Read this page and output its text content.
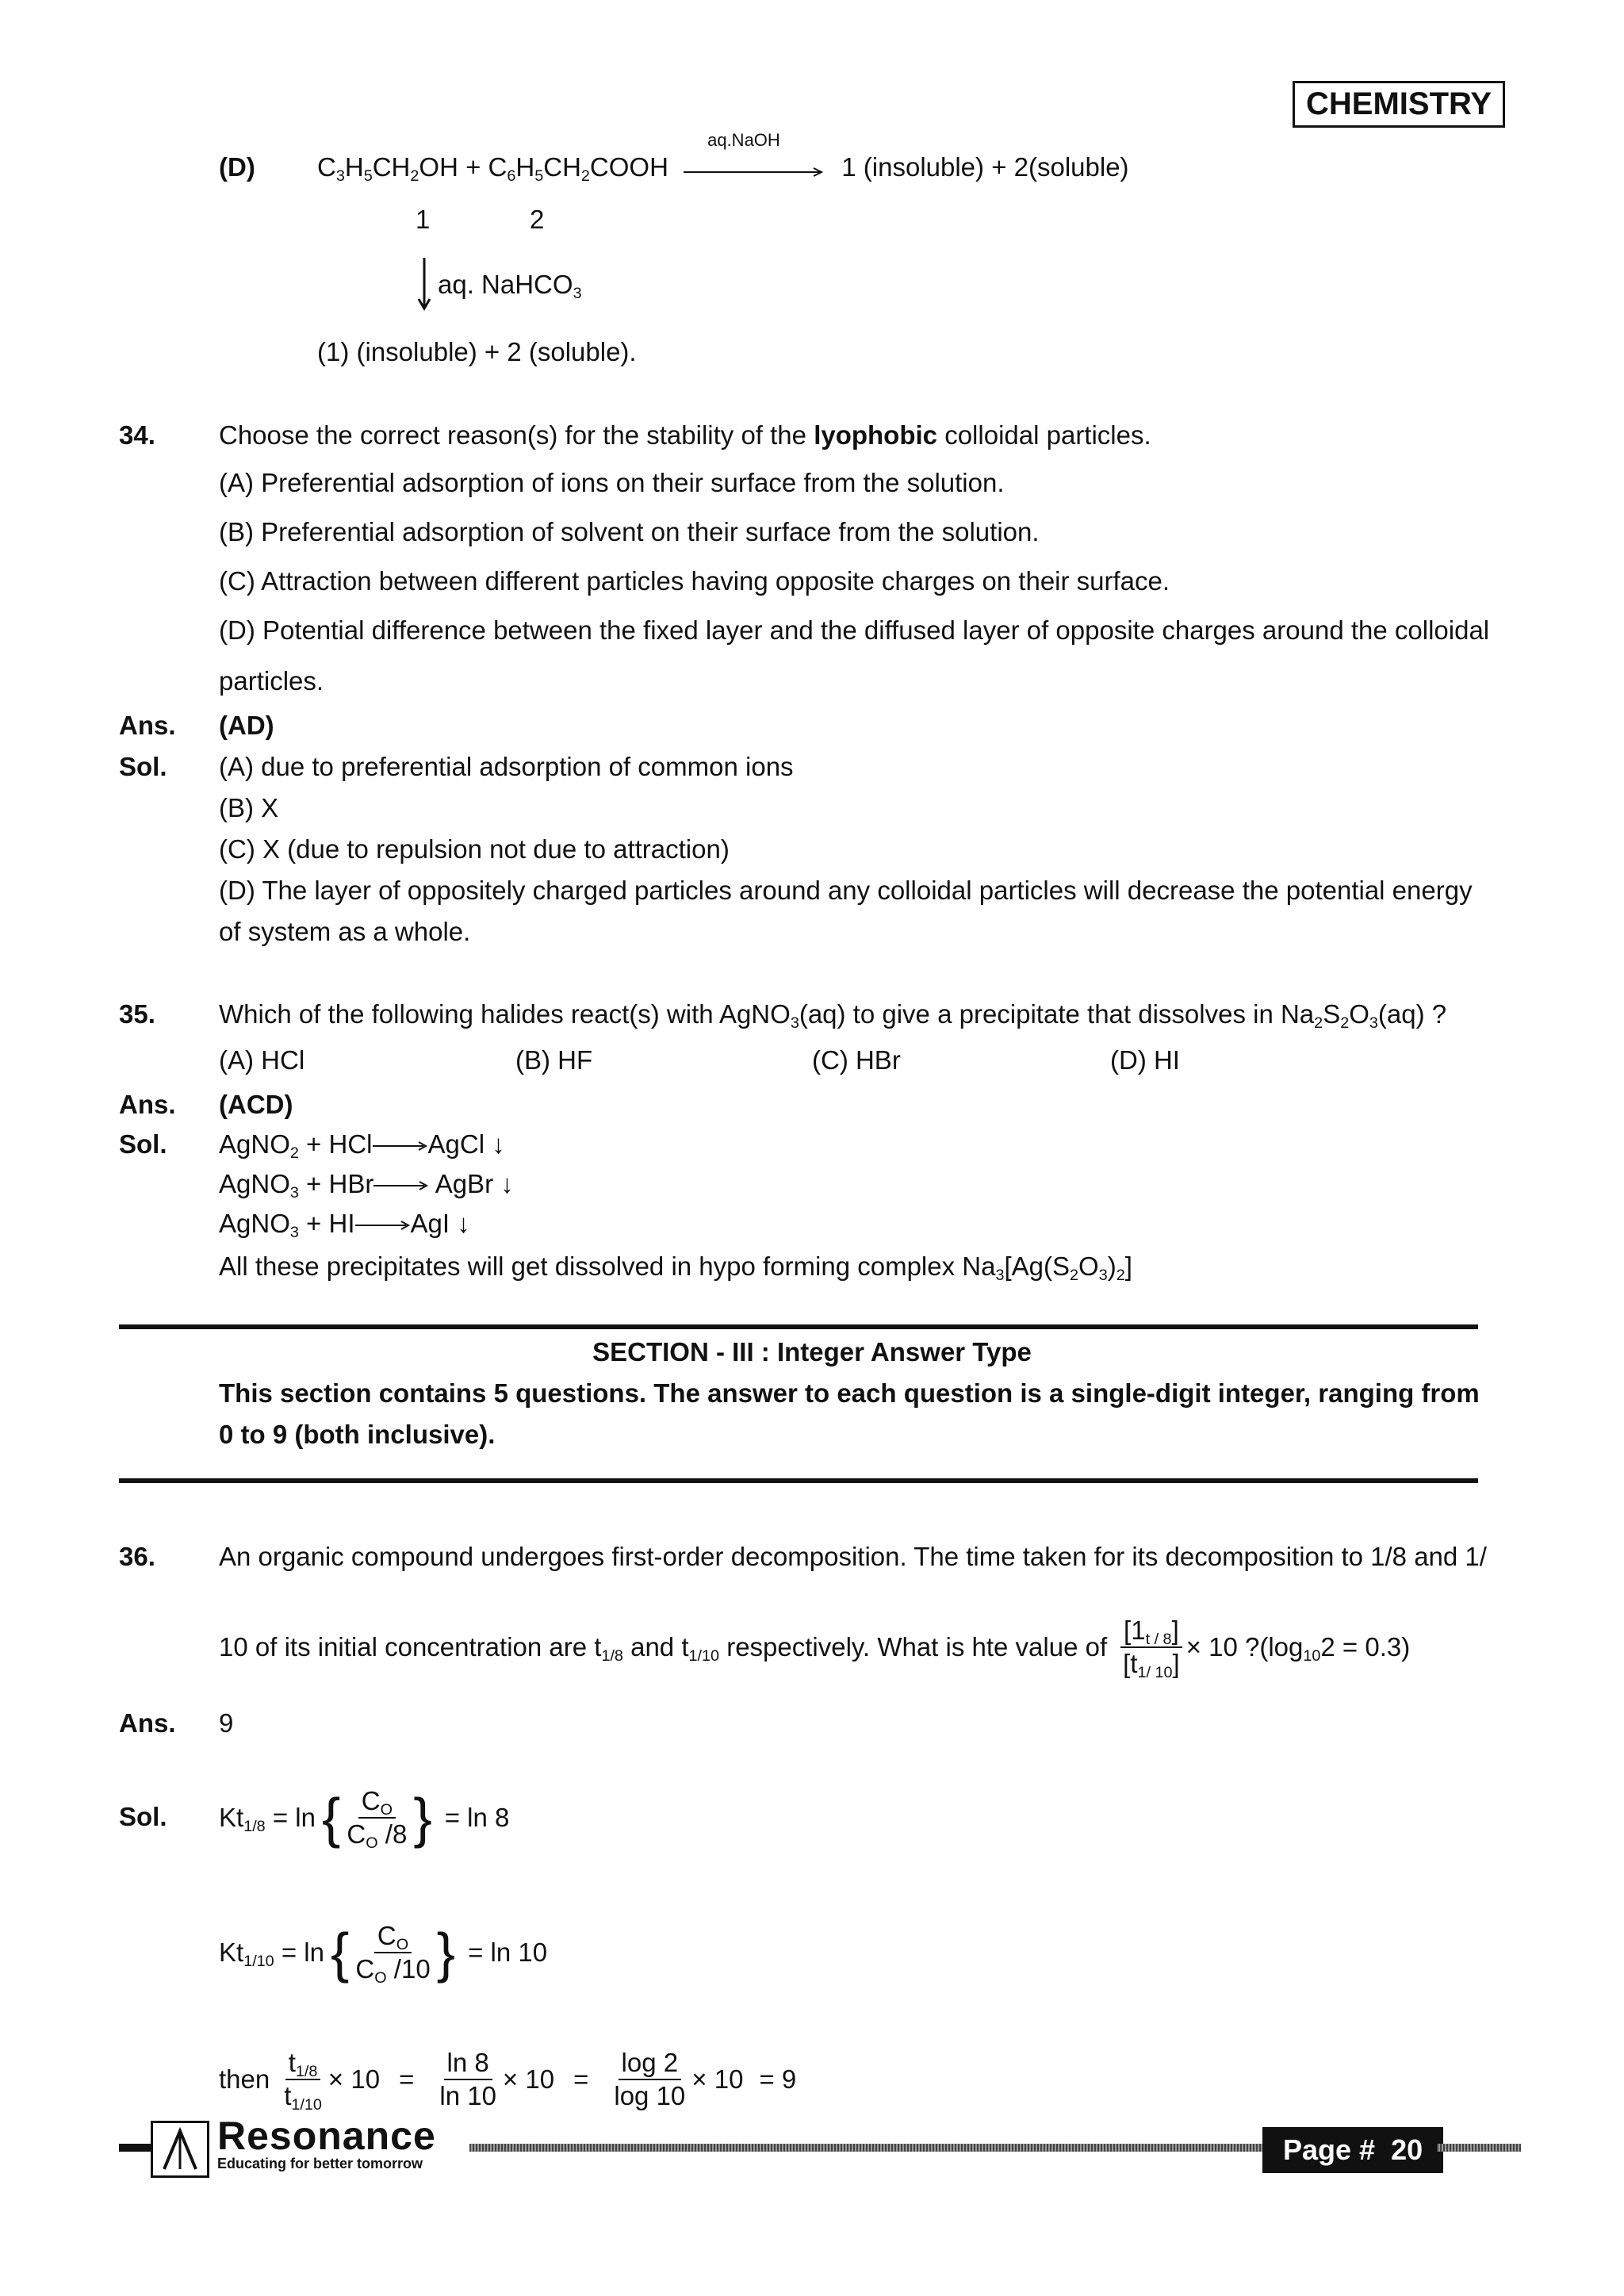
CHEMISTRY
(D) $C_3H_5CH_2OH$ + $C_6H_5CH_2COOH$
aq.NaOH
1 (insoluble) + 2(soluble)
1	2
aq. NaHCO$_3$
(1) (insoluble) + 2 (soluble).
34. Choose the correct reason(s) for the stability of the lyophobic colloidal particles.
(A) Preferential adsorption of ions on their surface from the solution.
(B) Preferential adsorption of solvent on their surface from the solution.
(C) Attraction between different particles having opposite charges on their surface.
(D) Potential difference between the fixed layer and the diffused layer of opposite charges around the colloidal
particles.
Ans. (AD)
Sol. (A) due to preferential adsorption of common ions
(B) X
(C) X (due to repulsion not due to attraction)
(D) The layer of oppositely charged particles around any colloidal particles will decrease the potential energy
of system as a whole.
35. Which of the following halides react(s) with AgNO$_3$(aq) to give a precipitate that dissolves in $Na_2S_2O_3(aq)$ ?
(A) HCl	(B) HF	(C) HBr	(D) HI
Ans. (ACD)
Sol. AgNO$_2$ + HCl AgCl ↓
AgNO$_3$ + HBr AgBr ↓
AgNO$_3$ + HI AgI ↓
All these precipitates will get dissolved in hypo forming complex $Na_3[Ag(S_2O_3)_2]$
SECTION - III : Integer Answer Type
This section contains 5 questions. The answer to each question is a single-digit integer, ranging from
0 to 9 (both inclusive).
36. An organic compound undergoes first-order decomposition. The time taken for its decomposition to 1/8 and 1/
10 of its initial concentration are $t_{1/8}$ and $t_{1/10}$ respectively. What is hte value of $\frac{[1_{t / 8}]}{[t_{1/ 10}]} \times 10$ $?(\log_{10}2 = 0.3)$
Ans. 9
Sol. $Kt_{1/8} = \ln$ { $\frac{C_O}{C_O /8}$ } = ln 8
$Kt_{1/10} = \ln$ { $\frac{C_O}{C_O /10}$ } = ln 10
then $\frac{t_{1/8}}{t_{1/10}} \times 10 = \frac{\ln 8}{\ln 10} \times 10 = \frac{\log 2}{\log 10} \times 10 = 9$
Resonance
Educating for better tomorrow	Page # 20
